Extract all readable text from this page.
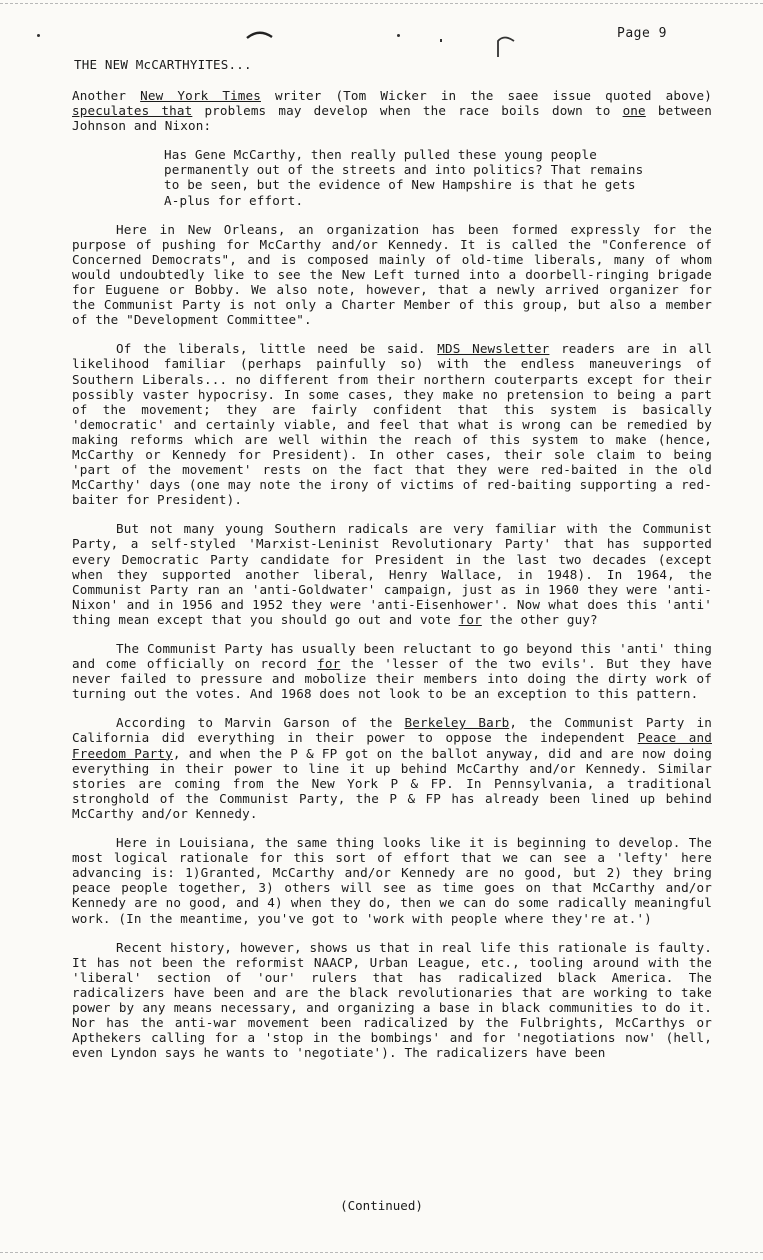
Page 9
THE NEW McCARTHYITES...

Another New York Times writer (Tom Wicker in the saee issue quoted above) speculates that problems may develop when the race boils down to one between Johnson and Nixon:

Has Gene McCarthy, then really pulled these young people permanently out of the streets and into politics? That remains to be seen, but the evidence of New Hampshire is that he gets A-plus for effort.

Here in New Orleans, an organization has been formed expressly for the purpose of pushing for McCarthy and/or Kennedy. It is called the "Conference of Concerned Democrats", and is composed mainly of old-time liberals, many of whom would undoubtedly like to see the New Left turned into a doorbell-ringing brigade for Euguene or Bobby. We also note, however, that a newly arrived organizer for the Communist Party is not only a Charter Member of this group, but also a member of the "Development Committee".

Of the liberals, little need be said. MDS Newsletter readers are in all likelihood familiar (perhaps painfully so) with the endless maneuverings of Southern Liberals... no different from their northern couterparts except for their possibly vaster hypocrisy. In some cases, they make no pretension to being a part of the movement; they are fairly confident that this system is basically 'democratic' and certainly viable, and feel that what is wrong can be remedied by making reforms which are well within the reach of this system to make (hence, McCarthy or Kennedy for President). In other cases, their sole claim to being 'part of the movement' rests on the fact that they were red-baited in the old McCarthy' days (one may note the irony of victims of red-baiting supporting a red-baiter for President).

But not many young Southern radicals are very familiar with the Communist Party, a self-styled 'Marxist-Leninist Revolutionary Party' that has supported every Democratic Party candidate for President in the last two decades (except when they supported another liberal, Henry Wallace, in 1948). In 1964, the Communist Party ran an 'anti-Goldwater' campaign, just as in 1960 they were 'anti-Nixon' and in 1956 and 1952 they were 'anti-Eisenhower'. Now what does this 'anti' thing mean except that you should go out and vote for the other guy?

The Communist Party has usually been reluctant to go beyond this 'anti' thing and come officially on record for the 'lesser of the two evils'. But they have never failed to pressure and mobolize their members into doing the dirty work of turning out the votes. And 1968 does not look to be an exception to this pattern.

According to Marvin Garson of the Berkeley Barb, the Communist Party in California did everything in their power to oppose the independent Peace and Freedom Party, and when the P & FP got on the ballot anyway, did and are now doing everything in their power to line it up behind McCarthy and/or Kennedy. Similar stories are coming from the New York P & FP. In Pennsylvania, a traditional stronghold of the Communist Party, the P & FP has already been lined up behind McCarthy and/or Kennedy.

Here in Louisiana, the same thing looks like it is beginning to develop. The most logical rationale for this sort of effort that we can see a 'lefty' here advancing is: 1)Granted, McCarthy and/or Kennedy are no good, but 2) they bring peace people together, 3) others will see as time goes on that McCarthy and/or Kennedy are no good, and 4) when they do, then we can do some radically meaningful work. (In the meantime, you've got to 'work with people where they're at.')

Recent history, however, shows us that in real life this rationale is faulty. It has not been the reformist NAACP, Urban League, etc., tooling around with the 'liberal' section of 'our' rulers that has radicalized black America. The radicalizers have been and are the black revolutionaries that are working to take power by any means necessary, and organizing a base in black communities to do it. Nor has the anti-war movement been radicalized by the Fulbrights, McCarthys or Apthekers calling for a 'stop in the bombings' and for 'negotiations now' (hell, even Lyndon says he wants to 'negotiate'). The radicalizers have been

(Continued)
